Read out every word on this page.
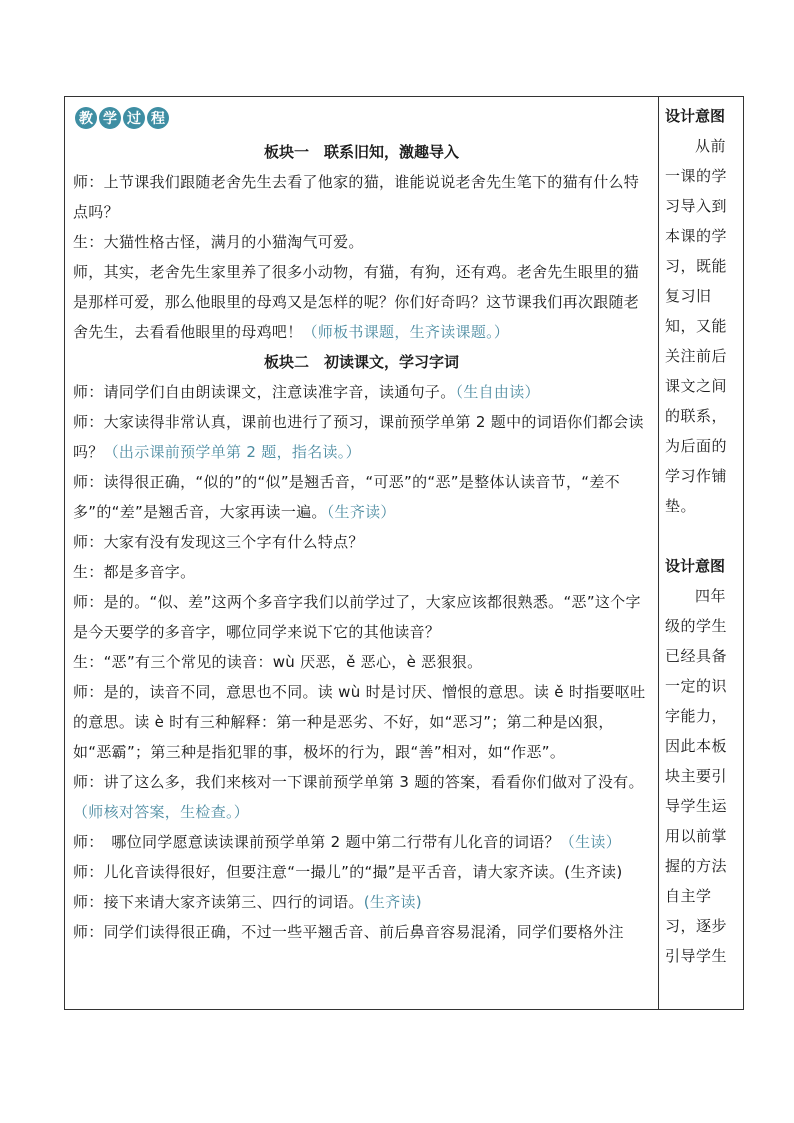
教 学 过 程

板块一　联系旧知，激趣导入

师：上节课我们跟随老舍先生去看了他家的猫，谁能说说老舍先生笔下的猫有什么特点吗？

生：大猫性格古怪，满月的小猫淘气可爱。

师，其实，老舍先生家里养了很多小动物，有猫，有狗，还有鸡。老舍先生眼里的猫是那样可爱，那么他眼里的母鸡又是怎样的呢？你们好奇吗？这节课我们再次跟随老舍先生，去看看他眼里的母鸡吧！（师板书课题，生齐读课题。）

板块二　初读课文，学习字词

师：请同学们自由朗读课文，注意读准字音，读通句子。（生自由读）

师：大家读得非常认真，课前也进行了预习，课前预学单第 2 题中的词语你们都会读吗？（出示课前预学单第 2 题，指名读。）

师：读得很正确，“似的”的“似”是翘舌音，“可恶”的“恶”是整体认读音节，“差不多”的“差”是翘舌音，大家再读一遍。（生齐读）

师：大家有没有发现这三个字有什么特点？

生：都是多音字。

师：是的。“似、差”这两个多音字我们以前学过了，大家应该都很熟悉。“恶”这个字是今天要学的多音字，哪位同学来说下它的其他读音？

生：“恶”有三个常见的读音：wù 厌恶，ě 恶心，è 恶狠狠。

师：是的，读音不同，意思也不同。读 wù 时是讨厌、憎恨的意思。读 ě 时指要呕吐的意思。读 è 时有三种解释：第一种是恶劣、不好，如“恶习”；第二种是凶狠，如“恶霸”；第三种是指犯罪的事，极坏的行为，跟“善”相对，如“作恶”。

师：讲了这么多，我们来核对一下课前预学单第 3 题的答案，看看你们做对了没有。（师核对答案，生检查。）

师：　哪位同学愿意读读课前预学单第 2 题中第二行带有儿化音的词语？（生读）

师：儿化音读得很好，但要注意“一撮儿”的“撮”是平舌音，请大家齐读。(生齐读)

师：接下来请大家齐读第三、四行的词语。(生齐读)

师：同学们读得很正确，不过一些平翘舌音、前后鼻音容易混淆，同学们要格外注

设计意图

从前一课的学习导入到本课的学习，既能复习旧知，又能关注前后课文之间的联系，为后面的学习作铺垫。

设计意图

四年级的学生已经具备一定的识字能力，因此本板块主要引导学生运用以前掌握的方法自主学习，逐步引导学生
